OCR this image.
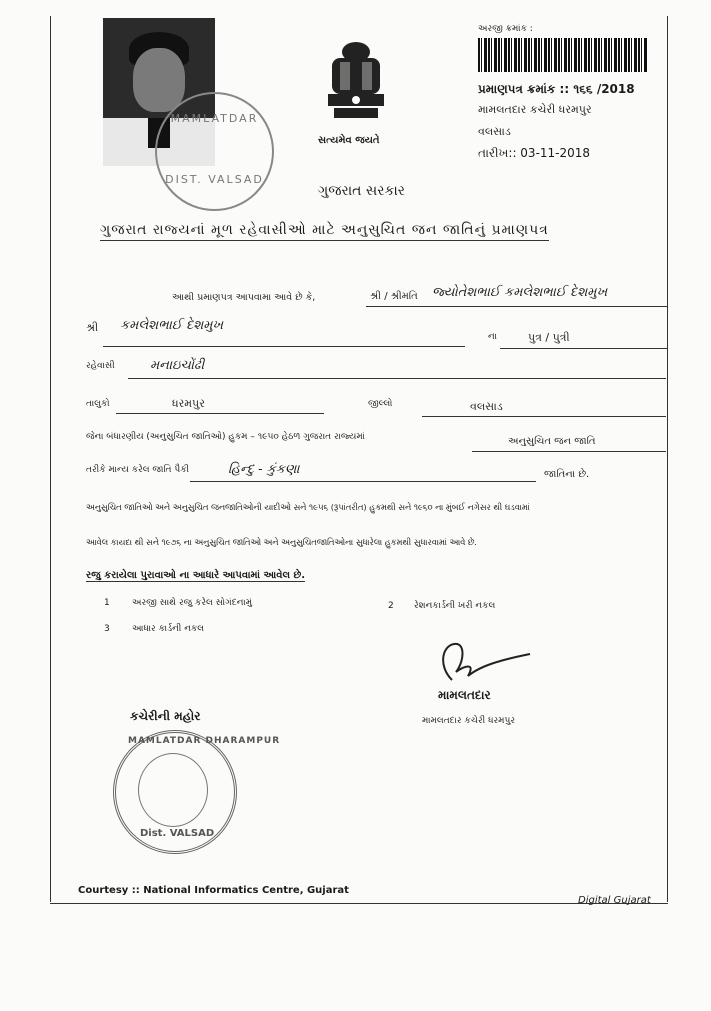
MAMLATDAR
DIST. VALSAD
સત્યમેવ જયતે
અરજી ક્રમાંક :
પ્રમાણપત્ર ક્રમાંક :: ૧૬૬ /2018
મામલતદાર કચેરી ધરમપુર
વલસાડ
તારીખ:: 03-11-2018
ગુજરાત સરકાર
ગુજરાત રાજ્યનાં મૂળ રહેવાસીઓ માટે અનુસુચિત જન જાતિનું પ્રમાણપત્ર
આથી પ્રમાણપત્ર આપવામા આવે છે કે,	શ્રી / શ્રીમતિ જ્યોતેશભાઈ કમલેશભાઈ દેશમુખ
શ્રી કમલેશભાઈ દેશમુખ
ના	પુત્ર / પુત્રી
રહેવાસી	મનાઇચોંઢી
તાલુકો	ધરમપુર	જીલ્લો	વલસાડ
જેના બંધારણીય (અનુસુચિત જાતિઓ) હુકમ – ૧૯૫૦ હેઠળ ગુજરાત રાજ્યમાં	અનુસુચિત જન જાતિ
તરીકે માન્ય કરેલ જાતિ પૈકી	હિન્દુ - કુંકણા	જાતિના છે.
અનુસુચિત જાતિઓ અને અનુસુચિત જનજાતિઓની યાદીઓ સને ૧૯૫૬ (રૂપાંતરીત) હુકમથી સને ૧૯૬૦ ના મુંબઈ નગેસર થી ઘડવામાં
આવેલ કાયદા થી સને ૧૯૭૬ ના અનુસુચિત જાતિઓ અને અનુસુચિતજાતિઓના સુધારેલા હુકમથી સુધારવામાં આવે છે.
રજુ કરાયેલા પુરાવાઓ ના આધારે આપવામાં આવેલ છે.
1 અરજી સાથે રજુ કરેલ સોગંદનામું	2 રેશનકાર્ડની ખરી નકલ
3 આધાર કાર્ડની નકલ
મામલતદાર
મામલતદાર કચેરી ધરમપુર
કચેરીની મહોર
MAMLATDAR DHARAMPUR
Dist. VALSAD
Courtesy :: National Informatics Centre, Gujarat
Digital Gujarat
